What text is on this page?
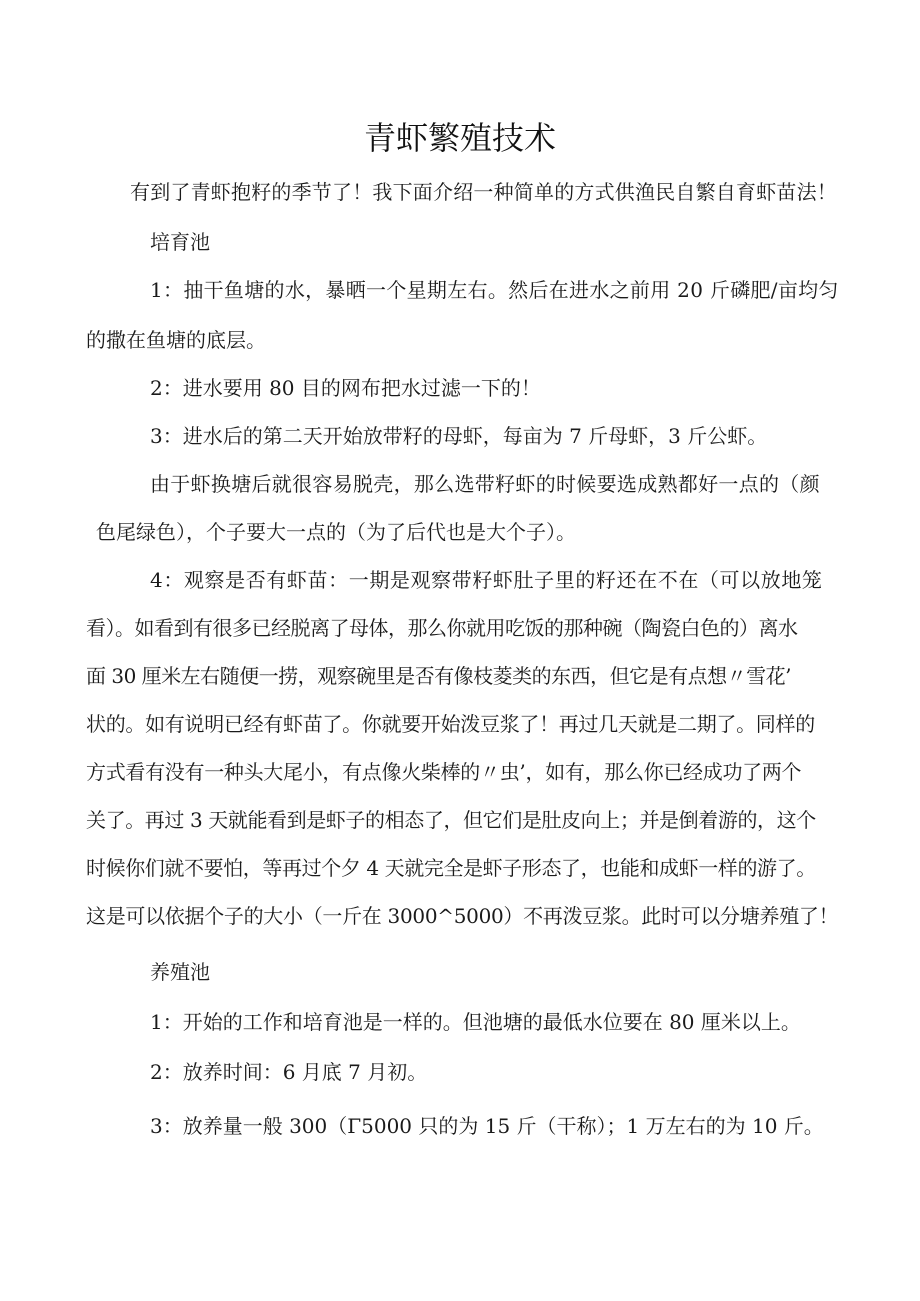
青虾繁殖技术
有到了青虾抱籽的季节了！我下面介绍一种简单的方式供渔民自繁自育虾苗法！
培育池
1：抽干鱼塘的水，暴晒一个星期左右。然后在进水之前用 20 斤磷肥/亩均匀
的撒在鱼塘的底层。
2：进水要用 80 目的网布把水过滤一下的！
3：进水后的第二天开始放带籽的母虾，每亩为 7 斤母虾，3 斤公虾。
由于虾换塘后就很容易脱壳，那么选带籽虾的时候要选成熟都好一点的（颜
色尾绿色），个子要大一点的（为了后代也是大个子）。
4：观察是否有虾苗：一期是观察带籽虾肚子里的籽还在不在（可以放地笼
看）。如看到有很多已经脱离了母体，那么你就用吃饭的那种碗（陶瓷白色的）离水
面 30 厘米左右随便一捞，观察碗里是否有像枝菱类的东西，但它是有点想〃雪花’
状的。如有说明已经有虾苗了。你就要开始泼豆浆了！再过几天就是二期了。同样的
方式看有没有一种头大尾小，有点像火柴棒的〃虫’，如有，那么你已经成功了两个
关了。再过 3 天就能看到是虾子的相态了，但它们是肚皮向上；并是倒着游的，这个
时候你们就不要怕，等再过个夕 4 天就完全是虾子形态了，也能和成虾一样的游了。
这是可以依据个子的大小（一斤在 3000^5000）不再泼豆浆。此时可以分塘养殖了！
养殖池
1：开始的工作和培育池是一样的。但池塘的最低水位要在 80 厘米以上。
2：放养时间：6 月底 7 月初。
3：放养量一般 300（Γ5000 只的为 15 斤（干称）；1 万左右的为 10 斤。
